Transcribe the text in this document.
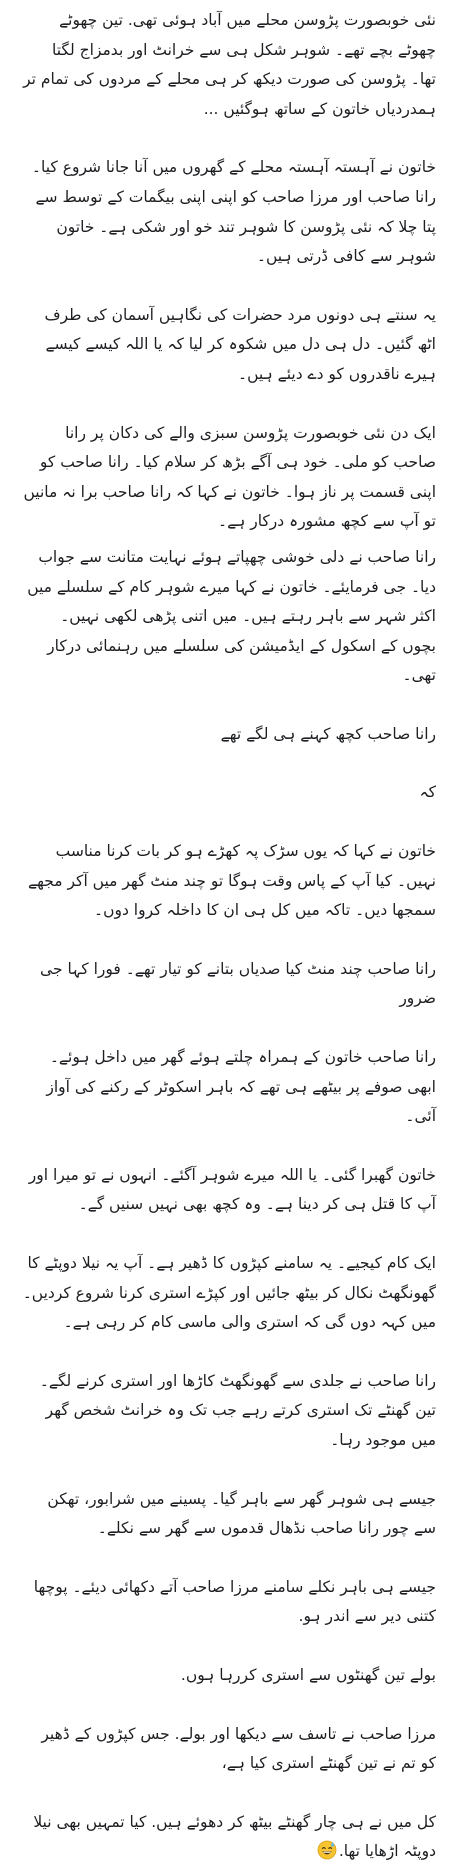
نئی خوبصورت پڑوسن محلے میں آباد ہوئی تھی. تین چھوٹے چھوٹے بچے تھے۔ شوہر شکل ہی سے خرانٹ اور بدمزاج لگتا تھا۔ پڑوسن کی صورت دیکھ کر ہی محلے کے مردوں کی تمام تر ہمدردیاں خاتون کے ساتھ ہوگئیں ...

خاتون نے آہستہ آہستہ محلے کے گھروں میں آنا جانا شروع کیا۔ رانا صاحب اور مرزا صاحب کو اپنی اپنی بیگمات کے توسط سے پتا چلا کہ نئی پڑوسن کا شوہر تند خو اور شکی ہے۔ خاتون شوہر سے کافی ڈرتی ہیں۔

یہ سنتے ہی دونوں مرد حضرات کی نگاہیں آسمان کی طرف اٹھ گئیں۔ دل ہی دل میں شکوہ کر لیا کہ یا اللہ کیسے کیسے ہیرے ناقدروں کو دے دیئے ہیں۔

ایک دن نئی خوبصورت پڑوسن سبزی والے کی دکان پر رانا صاحب کو ملی۔ خود ہی آگے بڑھ کر سلام کیا۔ رانا صاحب کو اپنی قسمت پر ناز ہوا۔ خاتون نے کہا کہ رانا صاحب برا نہ مانیں تو آپ سے کچھ مشورہ درکار ہے۔

رانا صاحب نے دلی خوشی چھپاتے ہوئے نہایت متانت سے جواب دیا۔ جی فرمایئے۔ خاتون نے کہا میرے شوہر کام کے سلسلے میں اکثر شہر سے باہر رہتے ہیں۔ میں اتنی پڑھی لکھی نہیں۔ بچوں کے اسکول کے ایڈمیشن کی سلسلے میں رہنمائی درکار تھی۔

رانا صاحب کچھ کہنے ہی لگے تھے

کہ

خاتون نے کہا کہ یوں سڑک پہ کھڑے ہو کر بات کرنا مناسب نہیں۔ کیا آپ کے پاس وقت ہوگا تو چند منٹ گھر میں آکر مجھے سمجھا دیں۔ تاکہ میں کل ہی ان کا داخلہ کروا دوں۔

رانا صاحب چند منٹ کیا صدیاں بتانے کو تیار تھے۔ فورا کہا جی ضرور

رانا صاحب خاتون کے ہمراہ چلتے ہوئے گھر میں داخل ہوئے۔ ابھی صوفے پر بیٹھے ہی تھے کہ باہر اسکوٹر کے رکنے کی آواز آئی۔

خاتون گھبرا گئی۔ یا اللہ میرے شوہر آگئے۔ انہوں نے تو میرا اور آپ کا قتل ہی کر دینا ہے۔ وہ کچھ بھی نہیں سنیں گے۔

ایک کام کیجیے۔ یہ سامنے کپڑوں کا ڈھیر ہے۔ آپ یہ نیلا دوپٹے کا گھونگھٹ نکال کر بیٹھ جائیں اور کپڑے استری کرنا شروع کردیں۔ میں کہہ دوں گی کہ استری والی ماسی کام کر رہی ہے۔

رانا صاحب نے جلدی سے گھونگھٹ کاڑھا اور استری کرنے لگے۔ تین گھنٹے تک استری کرتے رہے جب تک وہ خرانٹ شخص گھر میں موجود رہا۔

جیسے ہی شوہر گھر سے باہر گیا۔ پسینے میں شرابور، تھکن سے چور رانا صاحب نڈھال قدموں سے گھر سے نکلے۔

جیسے ہی باہر نکلے سامنے مرزا صاحب آتے دکھائی دیئے۔ پوچھا کتنی دیر سے اندر ہو.

بولے تین گھنٹوں سے استری کررہا ہوں.

مرزا صاحب نے تاسف سے دیکھا اور بولے. جس کپڑوں کے ڈھیر کو تم نے تین گھنٹے استری کیا ہے،

کل میں نے ہی چار گھنٹے بیٹھ کر دھوئے ہیں. کیا تمہیں بھی نیلا دوپٹہ اڑھایا تھا.
